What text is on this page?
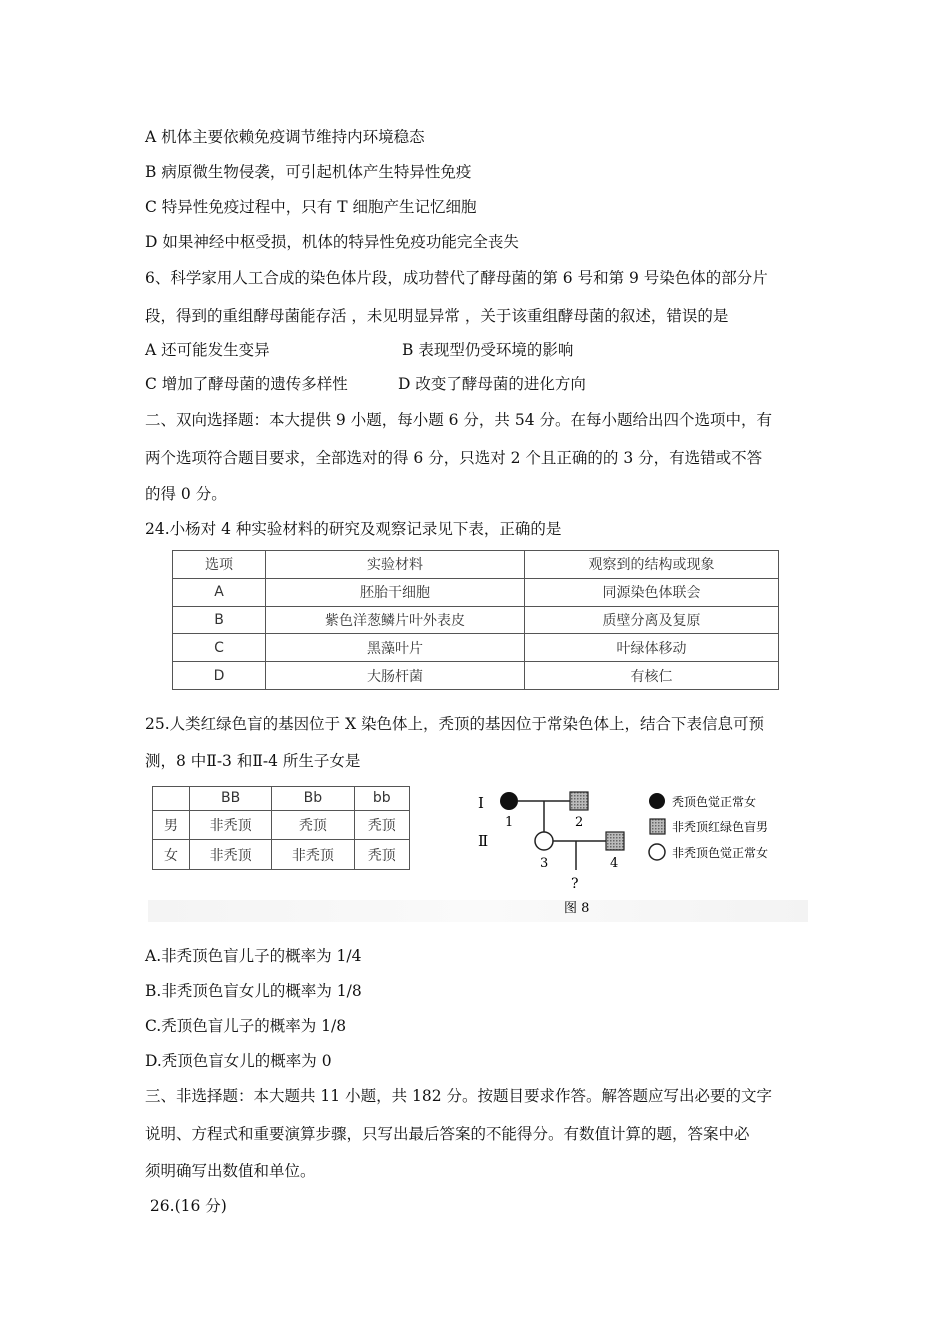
A 机体主要依赖免疫调节维持内环境稳态
B 病原微生物侵袭，可引起机体产生特异性免疫
C 特异性免疫过程中，只有 T 细胞产生记忆细胞
D 如果神经中枢受损，机体的特异性免疫功能完全丧失
6、科学家用人工合成的染色体片段，成功替代了酵母菌的第 6 号和第 9 号染色体的部分片
段，得到的重组酵母菌能存活 ，未见明显异常 ，关于该重组酵母菌的叙述，错误的是
A 还可能发生变异	B 表现型仍受环境的影响
C 增加了酵母菌的遗传多样性	D 改变了酵母菌的进化方向
二、双向选择题：本大提供 9 小题，每小题 6 分，共 54 分。在每小题给出四个选项中，有
两个选项符合题目要求，全部选对的得 6 分，只选对 2 个且正确的的 3 分，有选错或不答
的得 0 分。
24.小杨对 4 种实验材料的研究及观察记录见下表，正确的是
选项	实验材料	观察到的结构或现象
A	胚胎干细胞	同源染色体联会
B	紫色洋葱鳞片叶外表皮	质壁分离及复原
C	黑藻叶片	叶绿体移动
D	大肠杆菌	有核仁
25.人类红绿色盲的基因位于 X 染色体上，秃顶的基因位于常染色体上，结合下表信息可预
测，8 中Ⅱ-3 和Ⅱ-4 所生子女是
	BB	Bb	bb
男	非秃顶	秃顶	秃顶
女	非秃顶	非秃顶	秃顶
Ⅰ
Ⅱ
1	2
3	4
?
图 8
秃顶色觉正常女
非秃顶红绿色盲男
非秃顶色觉正常女
A.非秃顶色盲儿子的概率为 1/4
B.非秃顶色盲女儿的概率为 1/8
C.秃顶色盲儿子的概率为 1/8
D.秃顶色盲女儿的概率为 0
三、非选择题：本大题共 11 小题，共 182 分。按题目要求作答。解答题应写出必要的文字
说明、方程式和重要演算步骤，只写出最后答案的不能得分。有数值计算的题，答案中必
须明确写出数值和单位。
26.(16 分)
